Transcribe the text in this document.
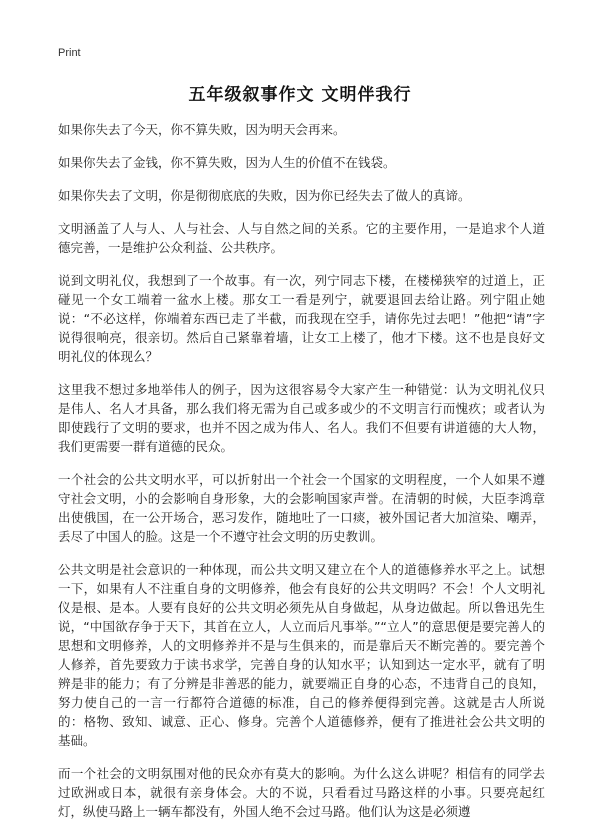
Print
五年级叙事作文 文明伴我行

如果你失去了今天，你不算失败，因为明天会再来。

如果你失去了金钱，你不算失败，因为人生的价值不在钱袋。

如果你失去了文明，你是彻彻底底的失败，因为你已经失去了做人的真谛。

文明涵盖了人与人、人与社会、人与自然之间的关系。它的主要作用，一是追求个人道德完善，一是维护公众利益、公共秩序。

说到文明礼仪，我想到了一个故事。有一次，列宁同志下楼，在楼梯狭窄的过道上，正碰见一个女工端着一盆水上楼。那女工一看是列宁，就要退回去给让路。列宁阻止她说：“不必这样，你端着东西已走了半截，而我现在空手，请你先过去吧！”他把“请”字说得很响亮，很亲切。然后自己紧靠着墙，让女工上楼了，他才下楼。这不也是良好文明礼仪的体现么？

这里我不想过多地举伟人的例子，因为这很容易令大家产生一种错觉：认为文明礼仪只是伟人、名人才具备，那么我们将无需为自己或多或少的不文明言行而愧疚；或者认为即使践行了文明的要求，也并不因之成为伟人、名人。我们不但要有讲道德的大人物，我们更需要一群有道德的民众。

一个社会的公共文明水平，可以折射出一个社会一个国家的文明程度，一个人如果不遵守社会文明，小的会影响自身形象，大的会影响国家声誉。在清朝的时候，大臣李鸿章出使俄国，在一公开场合，恶习发作，随地吐了一口痰，被外国记者大加渲染、嘲弄，丢尽了中国人的脸。这是一个不遵守社会文明的历史教训。

公共文明是社会意识的一种体现，而公共文明又建立在个人的道德修养水平之上。试想一下，如果有人不注重自身的文明修养，他会有良好的公共文明吗？不会！个人文明礼仪是根、是本。人要有良好的公共文明必须先从自身做起，从身边做起。所以鲁迅先生说，“中国欲存争于天下，其首在立人，人立而后凡事举。”“立人”的意思便是要完善人的思想和文明修养，人的文明修养并不是与生俱来的，而是靠后天不断完善的。要完善个人修养，首先要致力于读书求学，完善自身的认知水平；认知到达一定水平，就有了明辨是非的能力；有了分辨是非善恶的能力，就要端正自身的心态，不违背自己的良知，努力使自己的一言一行都符合道德的标准，自己的修养便得到完善。这就是古人所说的：格物、致知、诚意、正心、修身。完善个人道德修养，便有了推进社会公共文明的基础。

而一个社会的文明氛围对他的民众亦有莫大的影响。为什么这么讲呢？相信有的同学去过欧洲或日本，就很有亲身体会。大的不说，只看看过马路这样的小事。只要亮起红灯，纵使马路上一辆车都没有，外国人绝不会过马路。他们认为这是必须遵
